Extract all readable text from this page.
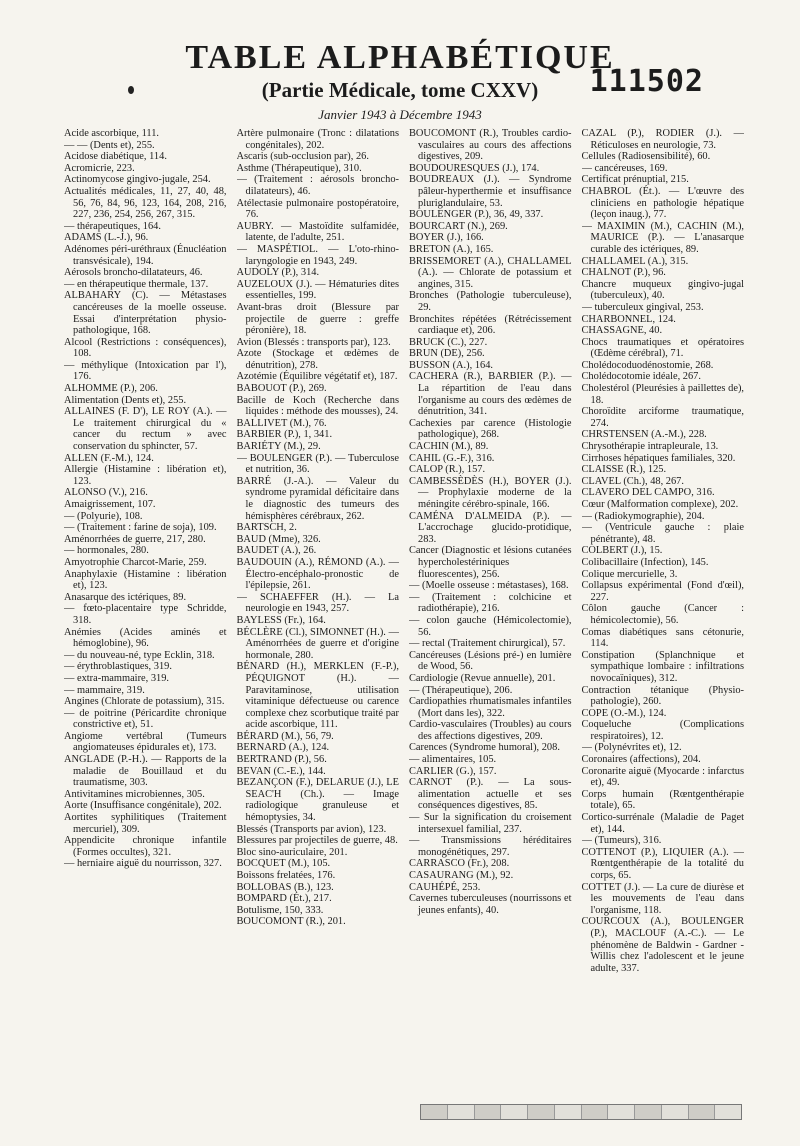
TABLE ALPHABÉTIQUE
(Partie Médicale, tome CXXV)
Janvier 1943 à Décembre 1943
111502

Acide ascorbique, 111.

— — (Dents et), 255.

Acidose diabétique, 114.

Acromicrie, 223.

Actinomycose gingivo-jugale, 254.

Actualités médicales, 11, 27, 40, 48, 56, 76, 84, 96, 123, 164, 208, 216, 227, 236, 254, 256, 267, 315.

— thérapeutiques, 164.

ADAMS (L.-J.), 96.

Adénomes péri-uréthraux (Énucléation transvésicale), 194.

Aérosols broncho-dilatateurs, 46.

— en thérapeutique thermale, 137.

ALBAHARY (C). — Métastases cancéreuses de la moelle osseuse. Essai d'interprétation physio-pathologique, 168.

Alcool (Restrictions : conséquences), 108.

— méthylique (Intoxication par l'), 176.

ALHOMME (P.), 206.

Alimentation (Dents et), 255.

ALLAINES (F. D'), LE ROY (A.). — Le traitement chirurgical du « cancer du rectum » avec conservation du sphincter, 57.

ALLEN (F.-M.), 124.

Allergie (Histamine : libération et), 123.

ALONSO (V.), 216.

Amaigrissement, 107.

— (Polyurie), 108.

— (Traitement : farine de soja), 109.

Aménorrhées de guerre, 217, 280.

— hormonales, 280.

Amyotrophie Charcot-Marie, 259.

Anaphylaxie (Histamine : libération et), 123.

Anasarque des ictériques, 89.

— fœto-placentaire type Schridde, 318.

Anémies (Acides aminés et hémoglobine), 96.

— du nouveau-né, type Ecklin, 318.

— érythroblastiques, 319.

— extra-mammaire, 319.

— mammaire, 319.

Angines (Chlorate de potassium), 315.

— de poitrine (Péricardite chronique constrictive et), 51.

Angiome vertébral (Tumeurs angiomateuses épidurales et), 173.

ANGLADE (P.-H.). — Rapports de la maladie de Bouillaud et du traumatisme, 303.

Antivitamines microbiennes, 305.

Aorte (Insuffisance congénitale), 202.

Aortites syphilitiques (Traitement mercuriel), 309.

Appendicite chronique infantile (Formes occultes), 321.

— herniaire aiguë du nourrisson, 327.

Artère pulmonaire (Tronc : dilatations congénitales), 202.

Ascaris (sub-occlusion par), 26.

Asthme (Thérapeutique), 310.

— (Traitement : aérosols broncho-dilatateurs), 46.

Atélectasie pulmonaire postopératoire, 76.

AUBRY. — Mastoïdite sulfamidée, latente, de l'adulte, 251.

— MASPÉTIOL. — L'oto-rhino-laryngologie en 1943, 249.

AUDOLY (P.), 314.

AUZELOUX (J.). — Hématuries dites essentielles, 199.

Avant-bras droit (Blessure par projectile de guerre : greffe péronière), 18.

Avion (Blessés : transports par), 123.

Azote (Stockage et œdèmes de dénutrition), 278.

Azotémie (Équilibre végétatif et), 187.

BABOUOT (P.), 269.

Bacille de Koch (Recherche dans liquides : méthode des mousses), 24.

BALLIVET (M.), 76.

BARBIER (P.), 1, 341.

BARIÉTY (M.), 29.

— BOULENGER (P.). — Tuberculose et nutrition, 36.

BARRÉ (J.-A.). — Valeur du syndrome pyramidal déficitaire dans le diagnostic des tumeurs des hémisphères cérébraux, 262.

BARTSCH, 2.

BAUD (Mme), 326.

BAUDET (A.), 26.

BAUDOUIN (A.), RÉMOND (A.). — Électro-encéphalo-pronostic de l'épilepsie, 261.

— SCHAEFFER (H.). — La neurologie en 1943, 257.

BAYLESS (Fr.), 164.

BÉCLÈRE (Cl.), SIMONNET (H.). — Aménorrhées de guerre et d'origine hormonale, 280.

BÉNARD (H.), MERKLEN (F.-P.), PÉQUIGNOT (H.). — Paravitaminose, utilisation vitaminique défectueuse ou carence complexe chez scorbutique traité par acide ascorbique, 111.

BÉRARD (M.), 56, 79.

BERNARD (A.), 124.

BERTRAND (P.), 56.

BEVAN (C.-E.), 144.

BEZANÇON (F.), DELARUE (J.), LE SEAC'H (Ch.). — Image radiologique granuleuse et hémoptysies, 34.

Blessés (Transports par avion), 123.

Blessures par projectiles de guerre, 48.

Bloc sino-auriculaire, 201.

BOCQUET (M.), 105.

Boissons frelatées, 176.

BOLLOBAS (B.), 123.

BOMPARD (Ét.), 217.

Botulisme, 150, 333.

BOUCOMONT (R.), 201.

BOUCOMONT (R.), Troubles cardio-vasculaires au cours des affections digestives, 209.

BOUDOURESQUES (J.), 174.

BOUDREAUX (J.). — Syndrome pâleur-hyperthermie et insuffisance pluriglandulaire, 53.

BOULENGER (P.), 36, 49, 337.

BOURCART (N.), 269.

BOYER (J.), 166.

BRETON (A.), 165.

BRISSEMORET (A.), CHALLAMEL (A.). — Chlorate de potassium et angines, 315.

Bronches (Pathologie tuberculeuse), 29.

Bronchites répétées (Rétrécissement cardiaque et), 206.

BRUCK (C.), 227.

BRUN (DE), 256.

BUSSON (A.), 164.

CACHERA (R.), BARBIER (P.). — La répartition de l'eau dans l'organisme au cours des œdèmes de dénutrition, 341.

Cachexies par carence (Histologie pathologique), 268.

CACHIN (M.), 89.

CAHIL (G.-F.), 316.

CALOP (R.), 157.

CAMBESSÈDÈS (H.), BOYER (J.). — Prophylaxie moderne de la méningite cérébro-spinale, 166.

CAMÉNA D'ALMEIDA (P.). — L'accrochage glucido-protidique, 283.

Cancer (Diagnostic et lésions cutanées hypercholestériniques fluorescentes), 256.

— (Moelle osseuse : métastases), 168.

— (Traitement : colchicine et radiothérapie), 216.

— colon gauche (Hémicolectomie), 56.

— rectal (Traitement chirurgical), 57.

Cancéreuses (Lésions pré-) en lumière de Wood, 56.

Cardiologie (Revue annuelle), 201.

— (Thérapeutique), 206.

Cardiopathies rhumatismales infantiles (Mort dans les), 322.

Cardio-vasculaires (Troubles) au cours des affections digestives, 209.

Carences (Syndrome humoral), 208.

— alimentaires, 105.

CARLIER (G.), 157.

CARNOT (P.). — La sous-alimentation actuelle et ses conséquences digestives, 85.

— Sur la signification du croisement intersexuel familial, 237.

— Transmissions héréditaires monogénétiques, 297.

CARRASCO (Fr.), 208.

CASAURANG (M.), 92.

CAUHÉPÉ, 253.

Cavernes tuberculeuses (nourrissons et jeunes enfants), 40.

CAZAL (P.), RODIER (J.). — Réticuloses en neurologie, 73.

Cellules (Radiosensibilité), 60.

— cancéreuses, 169.

Certificat prénuptial, 215.

CHABROL (Ét.). — L'œuvre des cliniciens en pathologie hépatique (leçon inaug.), 77.

— MAXIMIN (M.), CACHIN (M.), MAURICE (P.). — L'anasarque curable des ictériques, 89.

CHALLAMEL (A.), 315.

CHALNOT (P.), 96.

Chancre muqueux gingivo-jugal (tuberculeux), 40.

— tuberculeux gingival, 253.

CHARBONNEL, 124.

CHASSAGNE, 40.

Chocs traumatiques et opératoires (Œdème cérébral), 71.

Cholédocoduodénostomie, 268.

Cholédocotomie idéale, 267.

Cholestérol (Pleurésies à paillettes de), 18.

Choroïdite arciforme traumatique, 274.

CHRSTENSEN (A.-M.), 228.

Chrysothérapie intrapleurale, 13.

Cirrhoses hépatiques familiales, 320.

CLAISSE (R.), 125.

CLAVEL (Ch.), 48, 267.

CLAVERO DEL CAMPO, 316.

Cœur (Malformation complexe), 202.

— (Radiokymographie), 204.

— (Ventricule gauche : plaie pénétrante), 48.

COLBERT (J.), 15.

Colibacillaire (Infection), 145.

Colique mercurielle, 3.

Collapsus expérimental (Fond d'œil), 227.

Côlon gauche (Cancer : hémicolectomie), 56.

Comas diabétiques sans cétonurie, 114.

Constipation (Splanchnique et sympathique lombaire : infiltrations novocaïniques), 312.

Contraction tétanique (Physio-pathologie), 260.

COPE (O.-M.), 124.

Coqueluche (Complications respiratoires), 12.

— (Polynévrites et), 12.

Coronaires (affections), 204.

Coronarite aiguë (Myocarde : infarctus et), 49.

Corps humain (Rœntgenthérapie totale), 65.

Cortico-surrénale (Maladie de Paget et), 144.

— (Tumeurs), 316.

COTTENOT (P.), LIQUIER (A.). — Rœntgenthérapie de la totalité du corps, 65.

COTTET (J.). — La cure de diurèse et les mouvements de l'eau dans l'organisme, 118.

COURCOUX (A.), BOULENGER (P.), MACLOUF (A.-C.). — Le phénomène de Baldwin - Gardner - Willis chez l'adolescent et le jeune adulte, 337.
